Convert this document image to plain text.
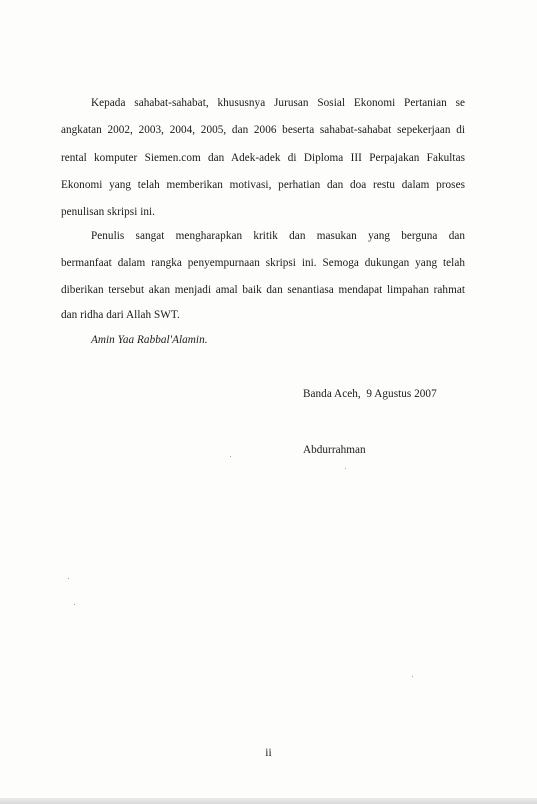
Kepada sahabat-sahabat, khususnya Jurusan Sosial Ekonomi Pertanian se
angkatan 2002, 2003, 2004, 2005, dan 2006 beserta sahabat-sahabat sepekerjaan di
rental komputer Siemen.com dan Adek-adek di Diploma III Perpajakan Fakultas
Ekonomi yang telah memberikan motivasi, perhatian dan doa restu dalam proses
penulisan skripsi ini.
Penulis sangat mengharapkan kritik dan masukan yang berguna dan
bermanfaat dalam rangka penyempurnaan skripsi ini. Semoga dukungan yang telah
diberikan tersebut akan menjadi amal baik dan senantiasa mendapat limpahan rahmat
dan ridha dari Allah SWT.
Amin Yaa Rabbal'Alamin.
Banda Aceh,  9 Agustus 2007
Abdurrahman
ii
